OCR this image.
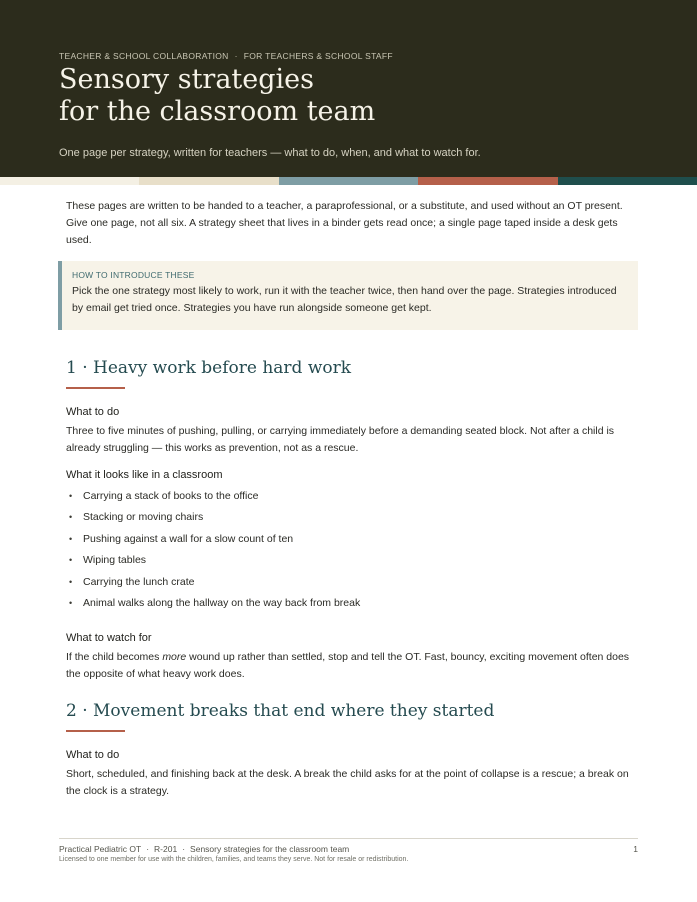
TEACHER & SCHOOL COLLABORATION · FOR TEACHERS & SCHOOL STAFF
Sensory strategies
for the classroom team
One page per strategy, written for teachers — what to do, when, and what to watch for.

These pages are written to be handed to a teacher, a paraprofessional, or a substitute, and used without an OT present. Give one page, not all six. A strategy sheet that lives in a binder gets read once; a single page taped inside a desk gets used.

HOW TO INTRODUCE THESE
Pick the one strategy most likely to work, run it with the teacher twice, then hand over the page. Strategies introduced by email get tried once. Strategies you have run alongside someone get kept.
1 · Heavy work before hard work
What to do

Three to five minutes of pushing, pulling, or carrying immediately before a demanding seated block. Not after a child is already struggling — this works as prevention, not as a rescue.

What it looks like in a classroom
• Carrying a stack of books to the office
• Stacking or moving chairs
• Pushing against a wall for a slow count of ten
• Wiping tables
• Carrying the lunch crate
• Animal walks along the hallway on the way back from break
What to watch for

If the child becomes more wound up rather than settled, stop and tell the OT. Fast, bouncy, exciting movement often does the opposite of what heavy work does.

2 · Movement breaks that end where they started
What to do

Short, scheduled, and finishing back at the desk. A break the child asks for at the point of collapse is a rescue; a break on the clock is a strategy.

Practical Pediatric OT · R-201 · Sensory strategies for the classroom team	1
Licensed to one member for use with the children, families, and teams they serve. Not for resale or redistribution.
